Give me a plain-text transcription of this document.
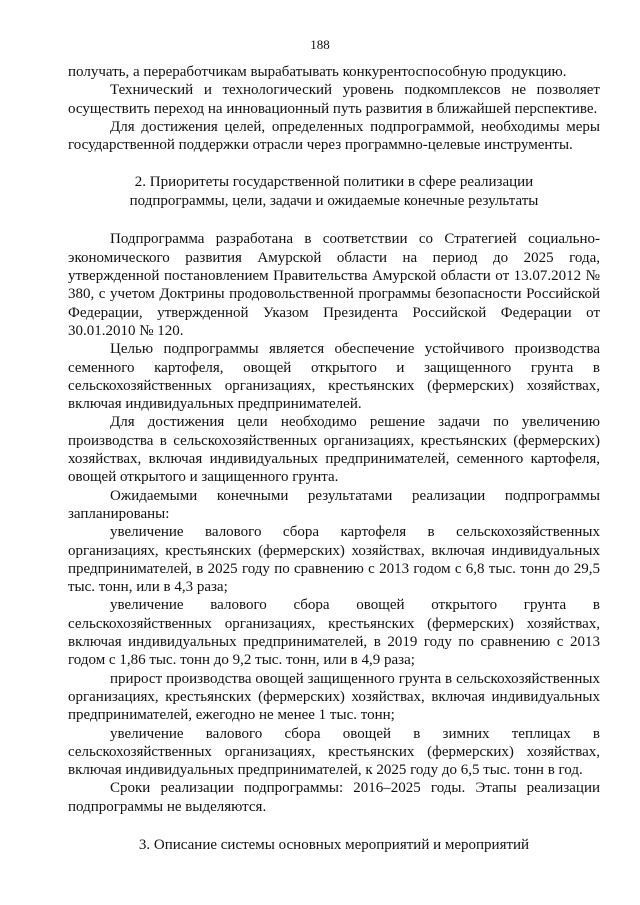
188

получать, а переработчикам вырабатывать конкурентоспособную продукцию.

Технический и технологический уровень подкомплексов не позволяет осуществить переход на инновационный путь развития в ближайшей перспективе.

Для достижения целей, определенных подпрограммой, необходимы меры государственной поддержки отрасли через программно-целевые инструменты.

2. Приоритеты государственной политики в сфере реализации
подпрограммы, цели, задачи и ожидаемые конечные результаты

Подпрограмма разработана в соответствии со Стратегией социально-экономического развития Амурской области на период до 2025 года, утвержденной постановлением Правительства Амурской области от 13.07.2012 № 380, с учетом Доктрины продовольственной программы безопасности Российской Федерации, утвержденной Указом Президента Российской Федерации от 30.01.2010 № 120.

Целью подпрограммы является обеспечение устойчивого производства семенного картофеля, овощей открытого и защищенного грунта в сельскохозяйственных организациях, крестьянских (фермерских) хозяйствах, включая индивидуальных предпринимателей.

Для достижения цели необходимо решение задачи по увеличению производства в сельскохозяйственных организациях, крестьянских (фермерских) хозяйствах, включая индивидуальных предпринимателей, семенного картофеля, овощей открытого и защищенного грунта.

Ожидаемыми конечными результатами реализации подпрограммы запланированы:

увеличение валового сбора картофеля в сельскохозяйственных организациях, крестьянских (фермерских) хозяйствах, включая индивидуальных предпринимателей, в 2025 году по сравнению с 2013 годом с 6,8 тыс. тонн до 29,5 тыс. тонн, или в 4,3 раза;

увеличение валового сбора овощей открытого грунта в сельскохозяйственных организациях, крестьянских (фермерских) хозяйствах, включая индивидуальных предпринимателей, в 2019 году по сравнению с 2013 годом с 1,86 тыс. тонн до 9,2 тыс. тонн, или в 4,9 раза;

прирост производства овощей защищенного грунта в сельскохозяйственных организациях, крестьянских (фермерских) хозяйствах, включая индивидуальных предпринимателей, ежегодно не менее 1 тыс. тонн;

увеличение валового сбора овощей в зимних теплицах в сельскохозяйственных организациях, крестьянских (фермерских) хозяйствах, включая индивидуальных предпринимателей, к 2025 году до 6,5 тыс. тонн в год.

Сроки реализации подпрограммы: 2016–2025 годы. Этапы реализации подпрограммы не выделяются.

3. Описание системы основных мероприятий и мероприятий
